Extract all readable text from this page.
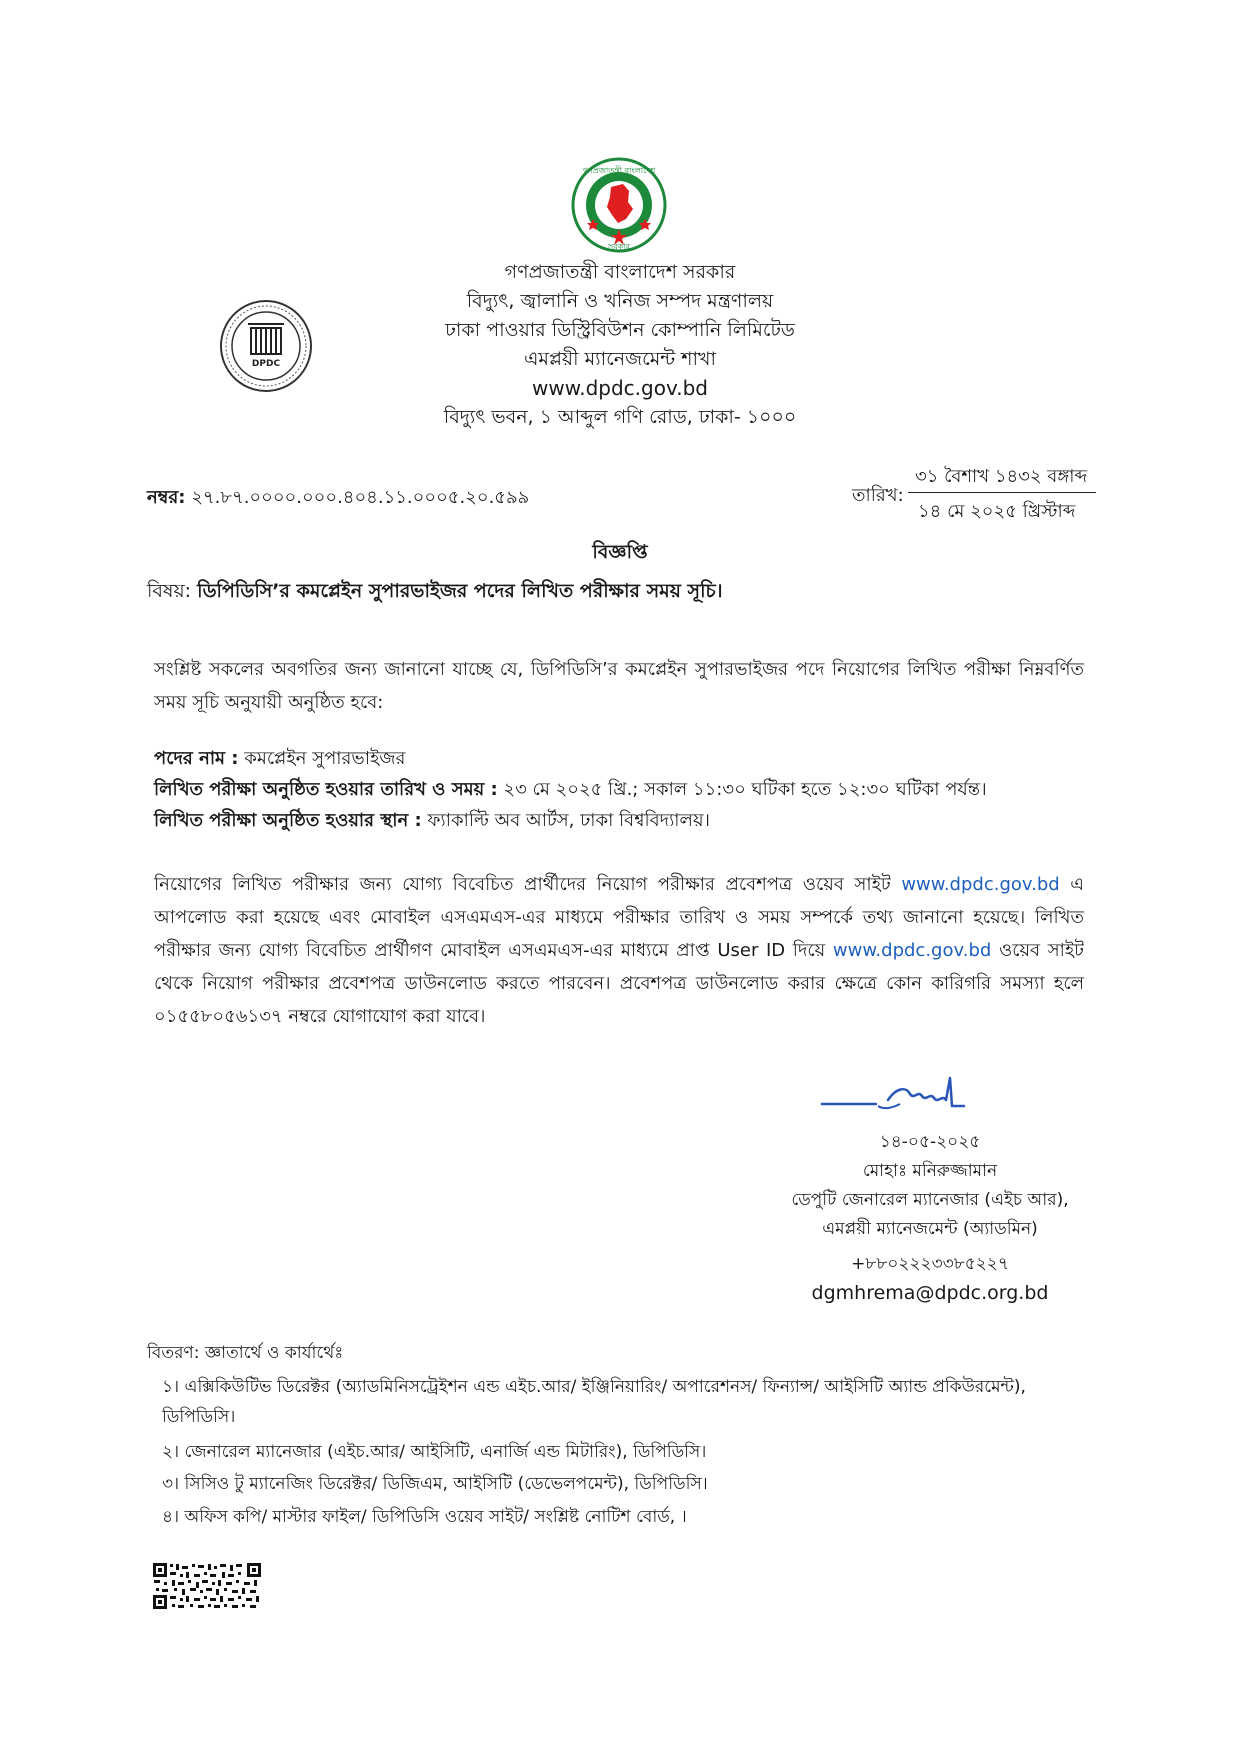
গণপ্রজাতন্ত্রী বাংলাদেশ
সরকার
DPDC
গণপ্রজাতন্ত্রী বাংলাদেশ সরকার
বিদ্যুৎ, জ্বালানি ও খনিজ সম্পদ মন্ত্রণালয়
ঢাকা পাওয়ার ডিস্ট্রিবিউশন কোম্পানি লিমিটেড
এমপ্লয়ী ম্যানেজমেন্ট শাখা
www.dpdc.gov.bd
বিদ্যুৎ ভবন, ১ আব্দুল গণি রোড, ঢাকা- ১০০০
নম্বর: ২৭.৮৭.০০০০.০০০.৪০৪.১১.০০০৫.২০.৫৯৯	তারিখ:
৩১ বৈশাখ ১৪৩২ বঙ্গাব্দ
১৪ মে ২০২৫ খ্রিস্টাব্দ
বিজ্ঞপ্তি
বিষয়: ডিপিডিসি’র কমপ্লেইন সুপারভাইজর পদের লিখিত পরীক্ষার সময় সূচি।
সংশ্লিষ্ট সকলের অবগতির জন্য জানানো যাচ্ছে যে, ডিপিডিসি’র কমপ্লেইন সুপারভাইজর পদে নিয়োগের লিখিত পরীক্ষা নিম্নবর্ণিত সময় সূচি অনুযায়ী অনুষ্ঠিত হবে:
পদের নাম : কমপ্লেইন সুপারভাইজর
লিখিত পরীক্ষা অনুষ্ঠিত হওয়ার তারিখ ও সময় : ২৩ মে ২০২৫ খ্রি.; সকাল ১১:৩০ ঘটিকা হতে ১২:৩০ ঘটিকা পর্যন্ত।
লিখিত পরীক্ষা অনুষ্ঠিত হওয়ার স্থান : ফ্যাকাল্টি অব আর্টস, ঢাকা বিশ্ববিদ্যালয়।
নিয়োগের লিখিত পরীক্ষার জন্য যোগ্য বিবেচিত প্রার্থীদের নিয়োগ পরীক্ষার প্রবেশপত্র ওয়েব সাইট www.dpdc.gov.bd এ আপলোড করা হয়েছে এবং মোবাইল এসএমএস-এর মাধ্যমে পরীক্ষার তারিখ ও সময় সম্পর্কে তথ্য জানানো হয়েছে। লিখিত পরীক্ষার জন্য যোগ্য বিবেচিত প্রার্থীগণ মোবাইল এসএমএস-এর মাধ্যমে প্রাপ্ত User ID দিয়ে www.dpdc.gov.bd ওয়েব সাইট থেকে নিয়োগ পরীক্ষার প্রবেশপত্র ডাউনলোড করতে পারবেন। প্রবেশপত্র ডাউনলোড করার ক্ষেত্রে কোন কারিগরি সমস্যা হলে ০১৫৫৮০৫৬১৩৭ নম্বরে যোগাযোগ করা যাবে।
১৪-০৫-২০২৫
মোহাঃ মনিরুজ্জামান
ডেপুটি জেনারেল ম্যানেজার (এইচ আর),
এমপ্লয়ী ম্যানেজমেন্ট (অ্যাডমিন)
+৮৮০২২২৩৩৮৫২২৭
dgmhrema@dpdc.org.bd
বিতরণ: জ্ঞাতার্থে ও কার্যার্থেঃ
১। এক্সিকিউটিভ ডিরেক্টর (অ্যাডমিনিসট্রেইশন এন্ড এইচ.আর/ ইঞ্জিনিয়ারিং/ অপারেশনস/ ফিন্যান্স/ আইসিটি অ্যান্ড প্রকিউরমেন্ট), ডিপিডিসি।
২। জেনারেল ম্যানেজার (এইচ.আর/ আইসিটি, এনার্জি এন্ড মিটারিং), ডিপিডিসি।
৩। সিসিও টু ম্যানেজিং ডিরেক্টর/ ডিজিএম, আইসিটি (ডেভেলপমেন্ট), ডিপিডিসি।
৪। অফিস কপি/ মাস্টার ফাইল/ ডিপিডিসি ওয়েব সাইট/ সংশ্লিষ্ট নোটিশ বোর্ড, ।
